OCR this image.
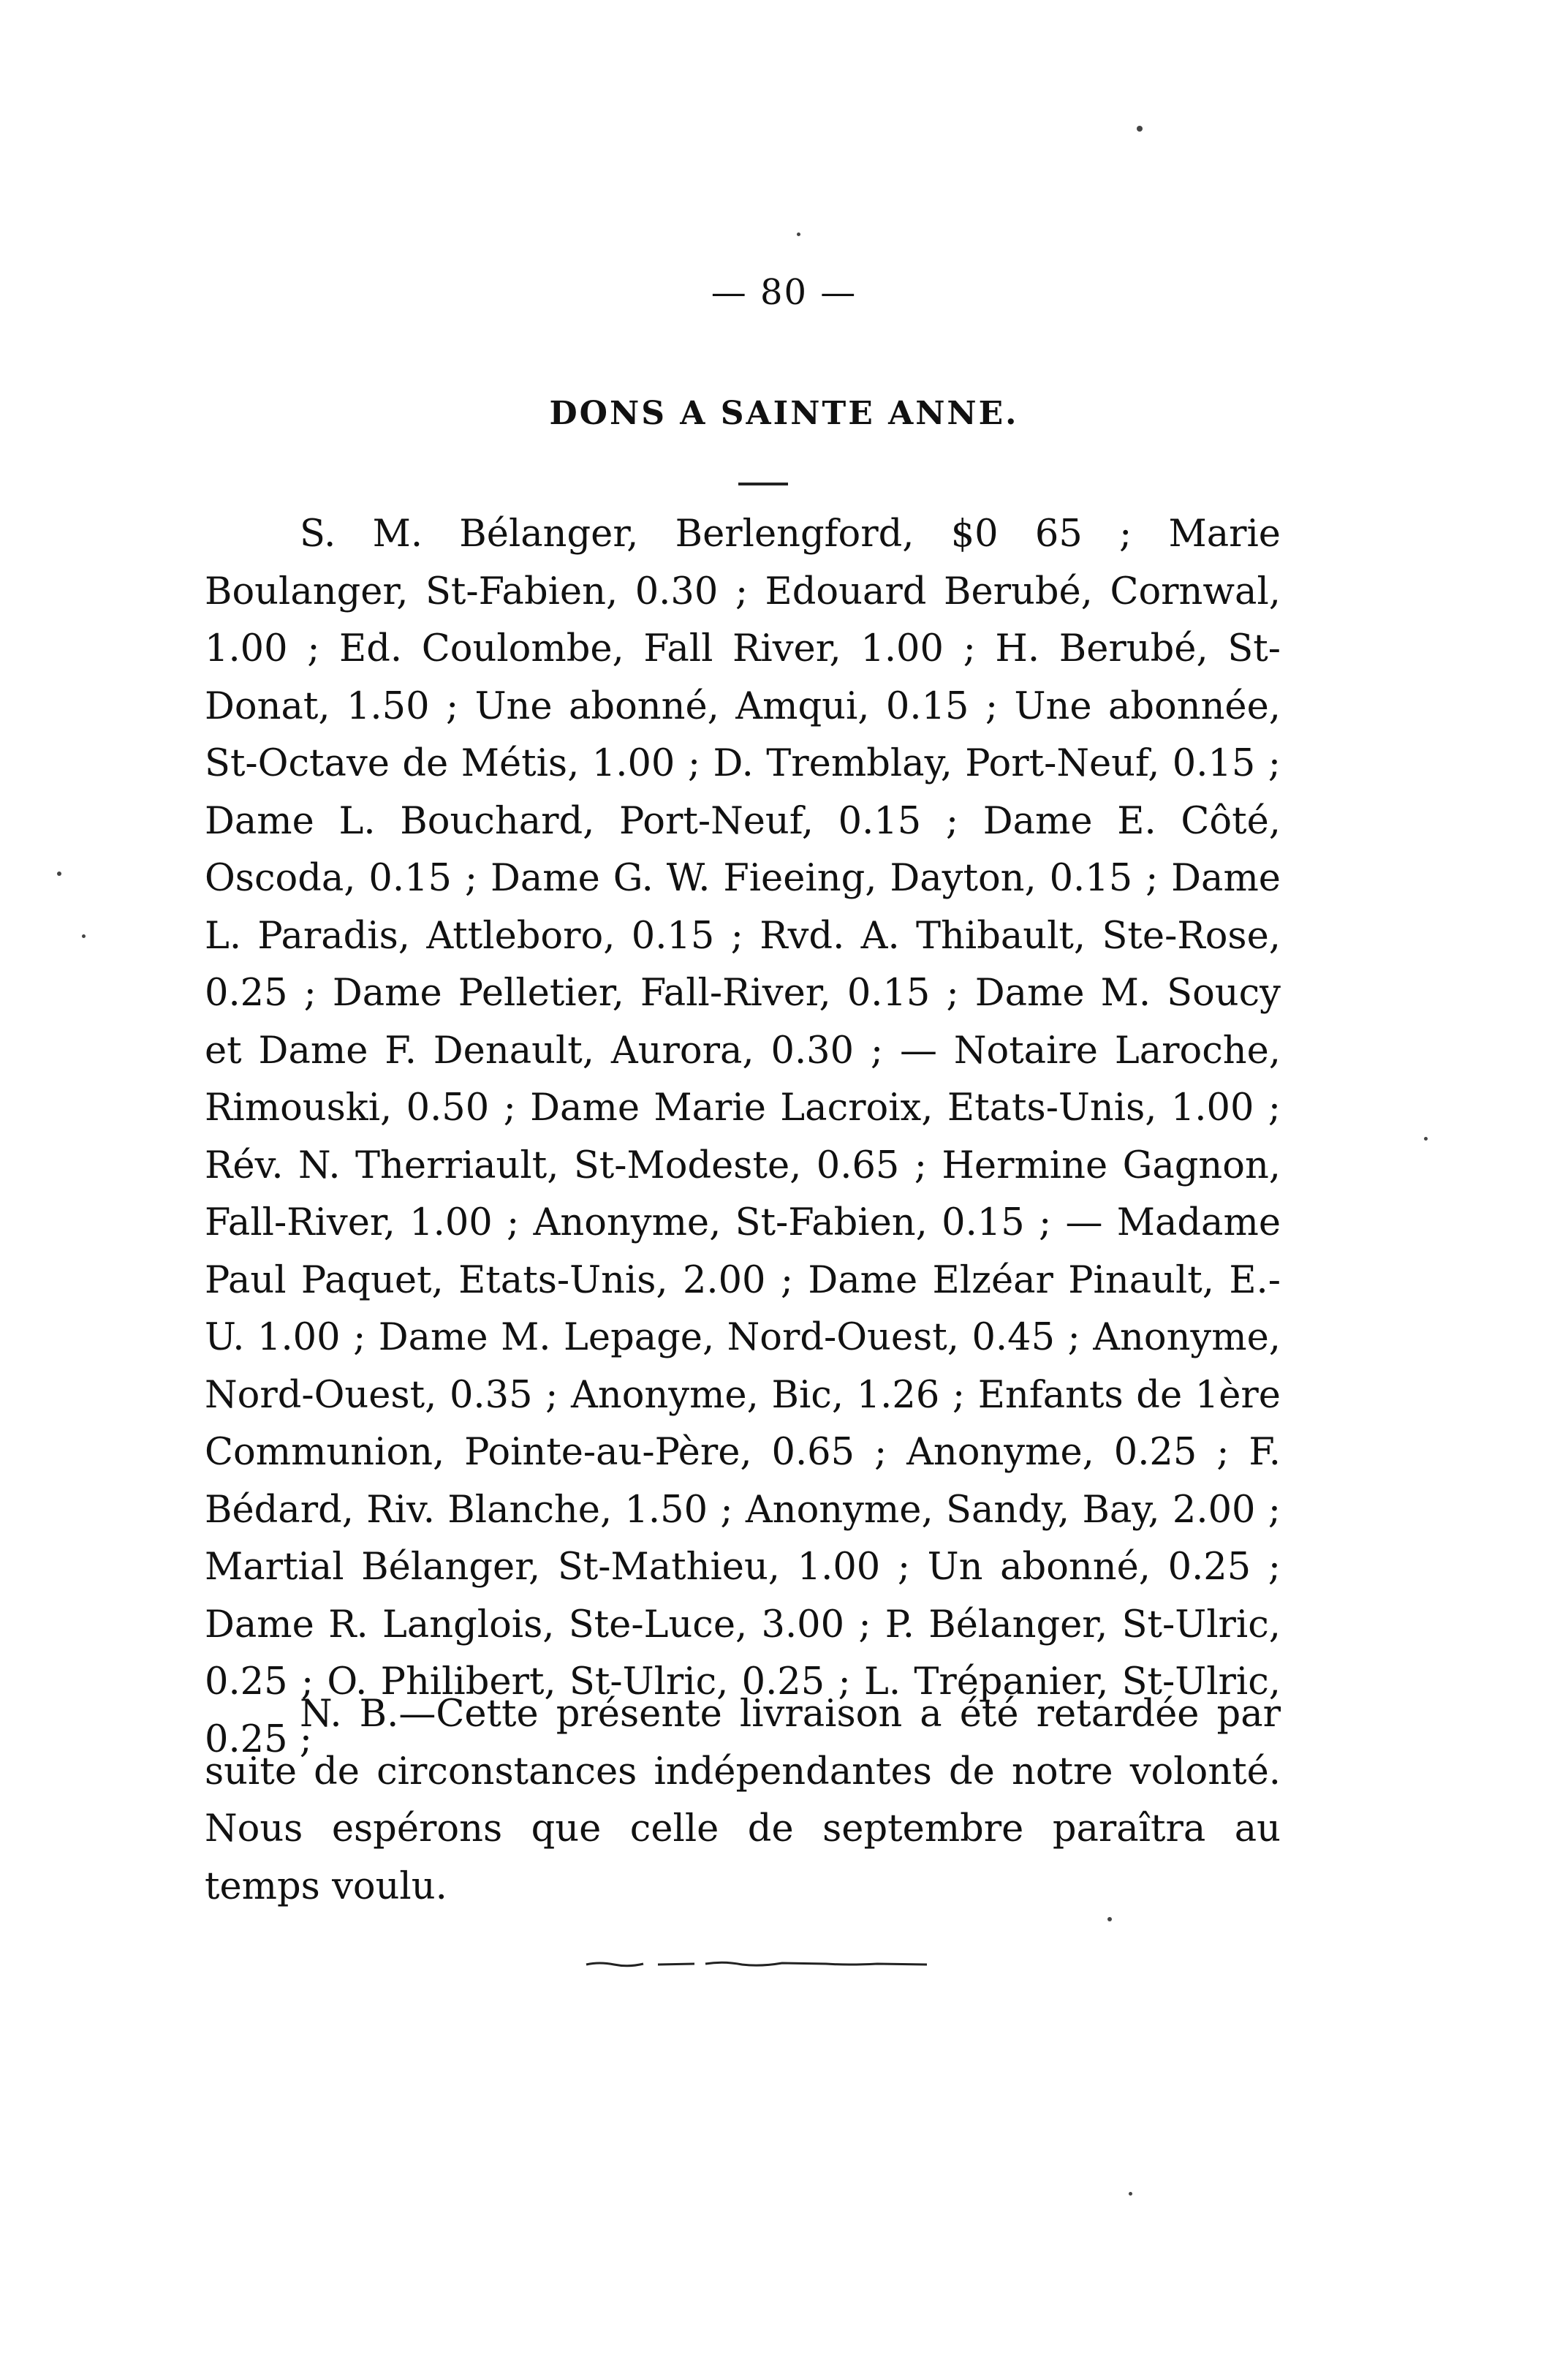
— 80 —
DONS A SAINTE ANNE.

S. M. Bélanger, Berlengford, $0 65 ; Marie Boulanger, St-Fabien, 0.30 ; Edouard Berubé, Cornwal, 1.00 ; Ed. Coulombe, Fall River, 1.00 ; H. Berubé, St-Donat, 1.50 ; Une abonné, Amqui, 0.15 ; Une abonnée, St-Octave de Métis, 1.00 ; D. Tremblay, Port-Neuf, 0.15 ; Dame L. Bouchard, Port-Neuf, 0.15 ; Dame E. Côté, Oscoda, 0.15 ; Dame G. W. Fieeing, Dayton, 0.15 ; Dame L. Paradis, Attleboro, 0.15 ; Rvd. A. Thibault, Ste-Rose, 0.25 ; Dame Pelletier, Fall-River, 0.15 ; Dame M. Soucy et Dame F. Denault, Aurora, 0.30 ; — Notaire Laroche, Rimouski, 0.50 ; Dame Marie Lacroix, Etats-Unis, 1.00 ; Rév. N. Therriault, St-Modeste, 0.65 ; Hermine Gagnon, Fall-River, 1.00 ; Anonyme, St-Fabien, 0.15 ; — Madame Paul Paquet, Etats-Unis, 2.00 ; Dame Elzéar Pinault, E.-U. 1.00 ; Dame M. Lepage, Nord-Ouest, 0.45 ; Anonyme, Nord-Ouest, 0.35 ; Anonyme, Bic, 1.26 ; Enfants de 1ère Communion, Pointe-au-Père, 0.65 ; Anonyme, 0.25 ; F. Bédard, Riv. Blanche, 1.50 ; Anonyme, Sandy, Bay, 2.00 ; Martial Bélanger, St-Mathieu, 1.00 ; Un abonné, 0.25 ; Dame R. Langlois, Ste-Luce, 3.00 ; P. Bélanger, St-Ulric, 0.25 ; O. Philibert, St-Ulric, 0.25 ; L. Trépanier, St-Ulric, 0.25 ;

N. B.—Cette présente livraison a été retardée par suite de circonstances indépendantes de notre volonté. Nous espérons que celle de septembre paraîtra au temps voulu.
